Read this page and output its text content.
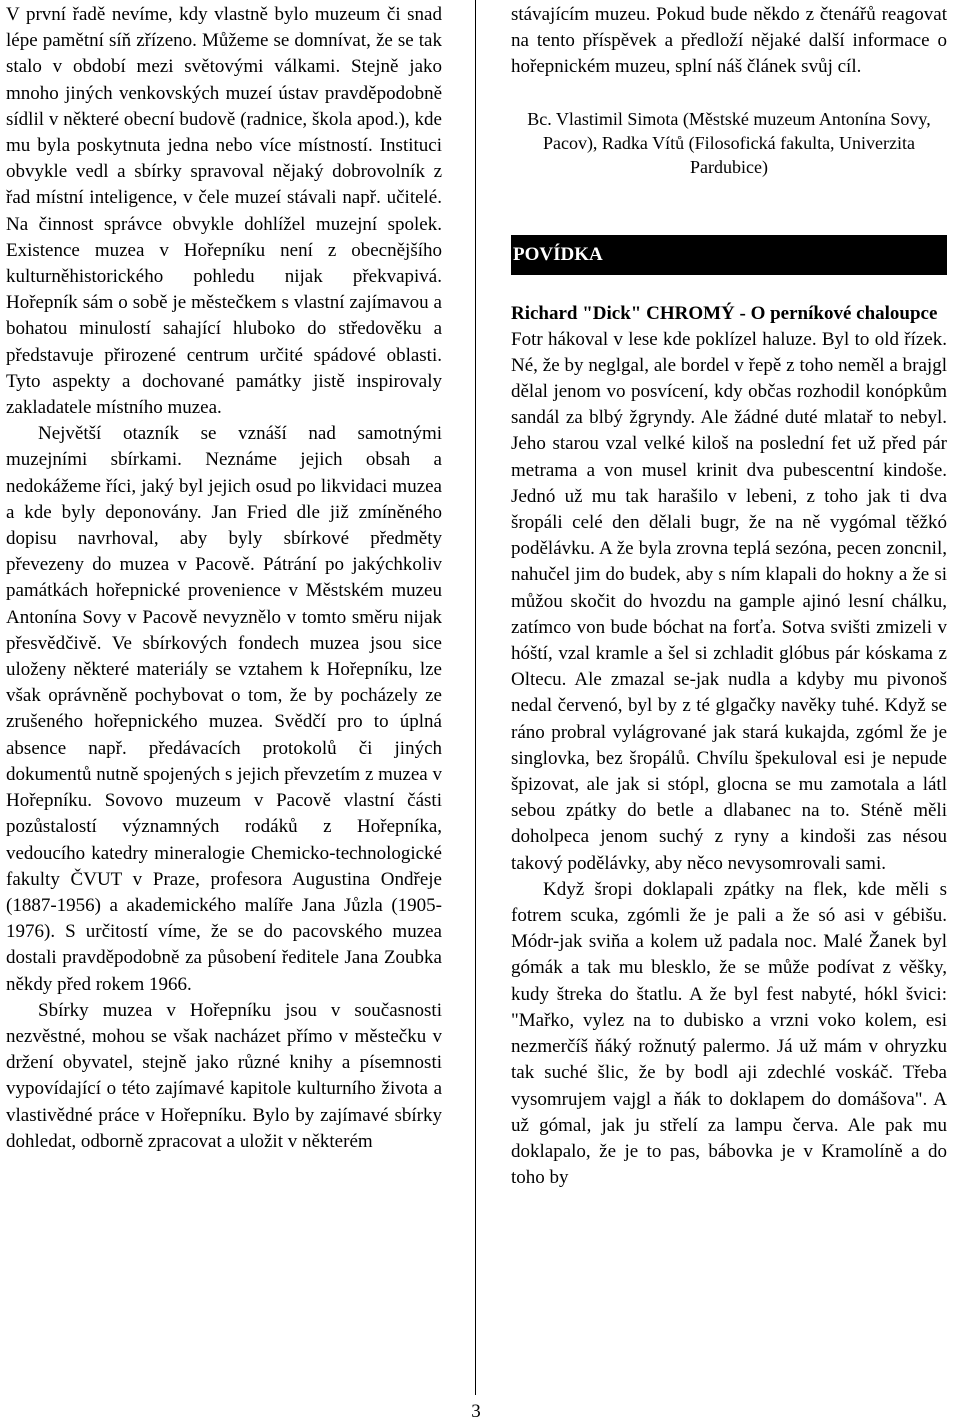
V první řadě nevíme, kdy vlastně bylo muzeum či snad lépe pamětní síň zřízeno. Můžeme se domnívat, že se tak stalo v období mezi světovými válkami. Stejně jako mnoho jiných venkovských muzeí ústav pravděpodobně sídlil v některé obecní budově (radnice, škola apod.), kde mu byla poskytnuta jedna nebo více místností. Instituci obvykle vedl a sbírky spravoval nějaký dobrovolník z řad místní inteligence, v čele muzeí stávali např. učitelé. Na činnost správce obvykle dohlížel muzejní spolek. Existence muzea v Hořepníku není z obecnějšího kulturněhistorického pohledu nijak překvapivá. Hořepník sám o sobě je městečkem s vlastní zajímavou a bohatou minulostí sahající hluboko do středověku a představuje přirozené centrum určité spádové oblasti. Tyto aspekty a dochované památky jistě inspirovaly zakladatele místního muzea.

Největší otazník se vznáší nad samotnými muzejními sbírkami. Neznáme jejich obsah a nedokážeme říci, jaký byl jejich osud po likvidaci muzea a kde byly deponovány. Jan Fried dle již zmíněného dopisu navrhoval, aby byly sbírkové předměty převezeny do muzea v Pacově. Pátrání po jakýchkoliv památkách hořepnické provenience v Městském muzeu Antonína Sovy v Pacově nevyznělo v tomto směru nijak přesvědčivě. Ve sbírkových fondech muzea jsou sice uloženy některé materiály se vztahem k Hořepníku, lze však oprávněně pochybovat o tom, že by pocházely ze zrušeného hořepnického muzea. Svědčí pro to úplná absence např. předávacích protokolů či jiných dokumentů nutně spojených s jejich převzetím z muzea v Hořepníku. Sovovo muzeum v Pacově vlastní části pozůstalostí významných rodáků z Hořepníka, vedoucího katedry mineralogie Chemicko-technologické fakulty ČVUT v Praze, profesora Augustina Ondřeje (1887-1956) a akademického malíře Jana Jůzla (1905-1976). S určitostí víme, že se do pacovského muzea dostali pravděpodobně za působení ředitele Jana Zoubka někdy před rokem 1966.

Sbírky muzea v Hořepníku jsou v současnosti nezvěstné, mohou se však nacházet přímo v městečku v držení obyvatel, stejně jako různé knihy a písemnosti vypovídající o této zajímavé kapitole kulturního života a vlastivědné práce v Hořepníku. Bylo by zajímavé sbírky dohledat, odborně zpracovat a uložit v některém

stávajícím muzeu. Pokud bude někdo z čtenářů reagovat na tento příspěvek a předloží nějaké další informace o hořepnickém muzeu, splní náš článek svůj cíl.

Bc. Vlastimil Simota (Městské muzeum Antonína Sovy, Pacov), Radka Vítů (Filosofická fakulta, Univerzita Pardubice)
POVÍDKA
Richard "Dick" CHROMÝ - O perníkové chaloupce

Fotr hákoval v lese kde poklízel haluze. Byl to old řízek. Né, že by neglgal, ale bordel v řepě z toho neměl a brajgl dělal jenom vo posvícení, kdy občas rozhodil konópkům sandál za blbý žgryndy. Ale žádné duté mlatař to nebyl. Jeho starou vzal velké kiloš na poslední fet už před pár metrama a von musel krinit dva pubescentní kindoše. Jednó už mu tak harašilo v lebeni, z toho jak ti dva šropáli celé den dělali bugr, že na ně vygómal těžkó podělávku. A že byla zrovna teplá sezóna, pecen zoncnil, nahučel jim do budek, aby s ním klapali do hokny a že si můžou skočit do hvozdu na gample ajinó lesní chálku, zatímco von bude bóchat na forťa. Sotva svišti zmizeli v hóští, vzal kramle a šel si zchladit glóbus pár kóskama z Oltecu. Ale zmazal se-jak nudla a kdyby mu pivonoš nedal červenó, byl by z té glgačky navěky tuhé. Když se ráno probral vylágrované jak stará kukajda, zgóml že je singlovka, bez šropálů. Chvílu špekuloval esi je nepude špizovat, ale jak si stópl, glocna se mu zamotala a látl sebou zpátky do betle a dlabanec na to. Sténě měli doholpeca jenom suchý z ryny a kindoši zas nésou takový podělávky, aby něco nevysomrovali sami.

Když šropi doklapali zpátky na flek, kde měli s fotrem scuka, zgómli že je pali a že só asi v gébišu. Módr-jak sviňa a kolem už padala noc. Malé Žanek byl gómák a tak mu blesklo, že se může podívat z věšky, kudy štreka do štatlu. A že byl fest nabyté, hókl švici: "Mařko, vylez na to dubisko a vrzni voko kolem, esi nezmerčíš ňáký rožnutý palermo. Já už mám v ohryzku tak suché šlic, že by bodl aji zdechlé voskáč. Třeba vysomrujem vajgl a ňák to doklapem do domášova". A už gómal, jak ju střelí za lampu červa. Ale pak mu doklapalo, že je to pas, bábovka je v Kramolíně a do toho by

3
